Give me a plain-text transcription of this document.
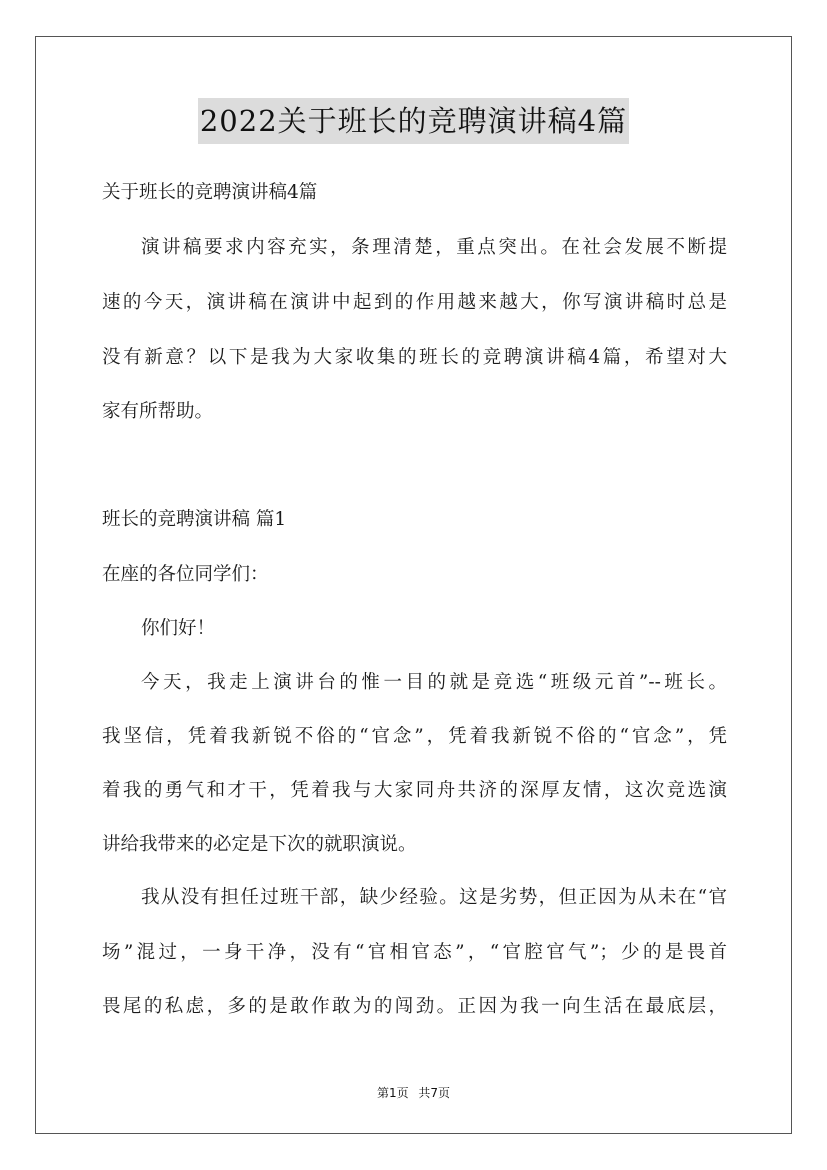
2022关于班长的竞聘演讲稿4篇
关于班长的竞聘演讲稿4篇
演讲稿要求内容充实，条理清楚，重点突出。在社会发展不断提
速的今天，演讲稿在演讲中起到的作用越来越大，你写演讲稿时总是
没有新意？以下是我为大家收集的班长的竞聘演讲稿4篇，希望对大
家有所帮助。
班长的竞聘演讲稿 篇1
在座的各位同学们：
你们好！
今天，我走上演讲台的惟一目的就是竞选“班级元首”--班长。
我坚信，凭着我新锐不俗的“官念”，凭着我新锐不俗的“官念”，凭
着我的勇气和才干，凭着我与大家同舟共济的深厚友情，这次竞选演
讲给我带来的必定是下次的就职演说。
我从没有担任过班干部，缺少经验。这是劣势，但正因为从未在“官
场”混过，一身干净，没有“官相官态”，“官腔官气”；少的是畏首
畏尾的私虑，多的是敢作敢为的闯劲。正因为我一向生活在最底层，
第1页 共7页
